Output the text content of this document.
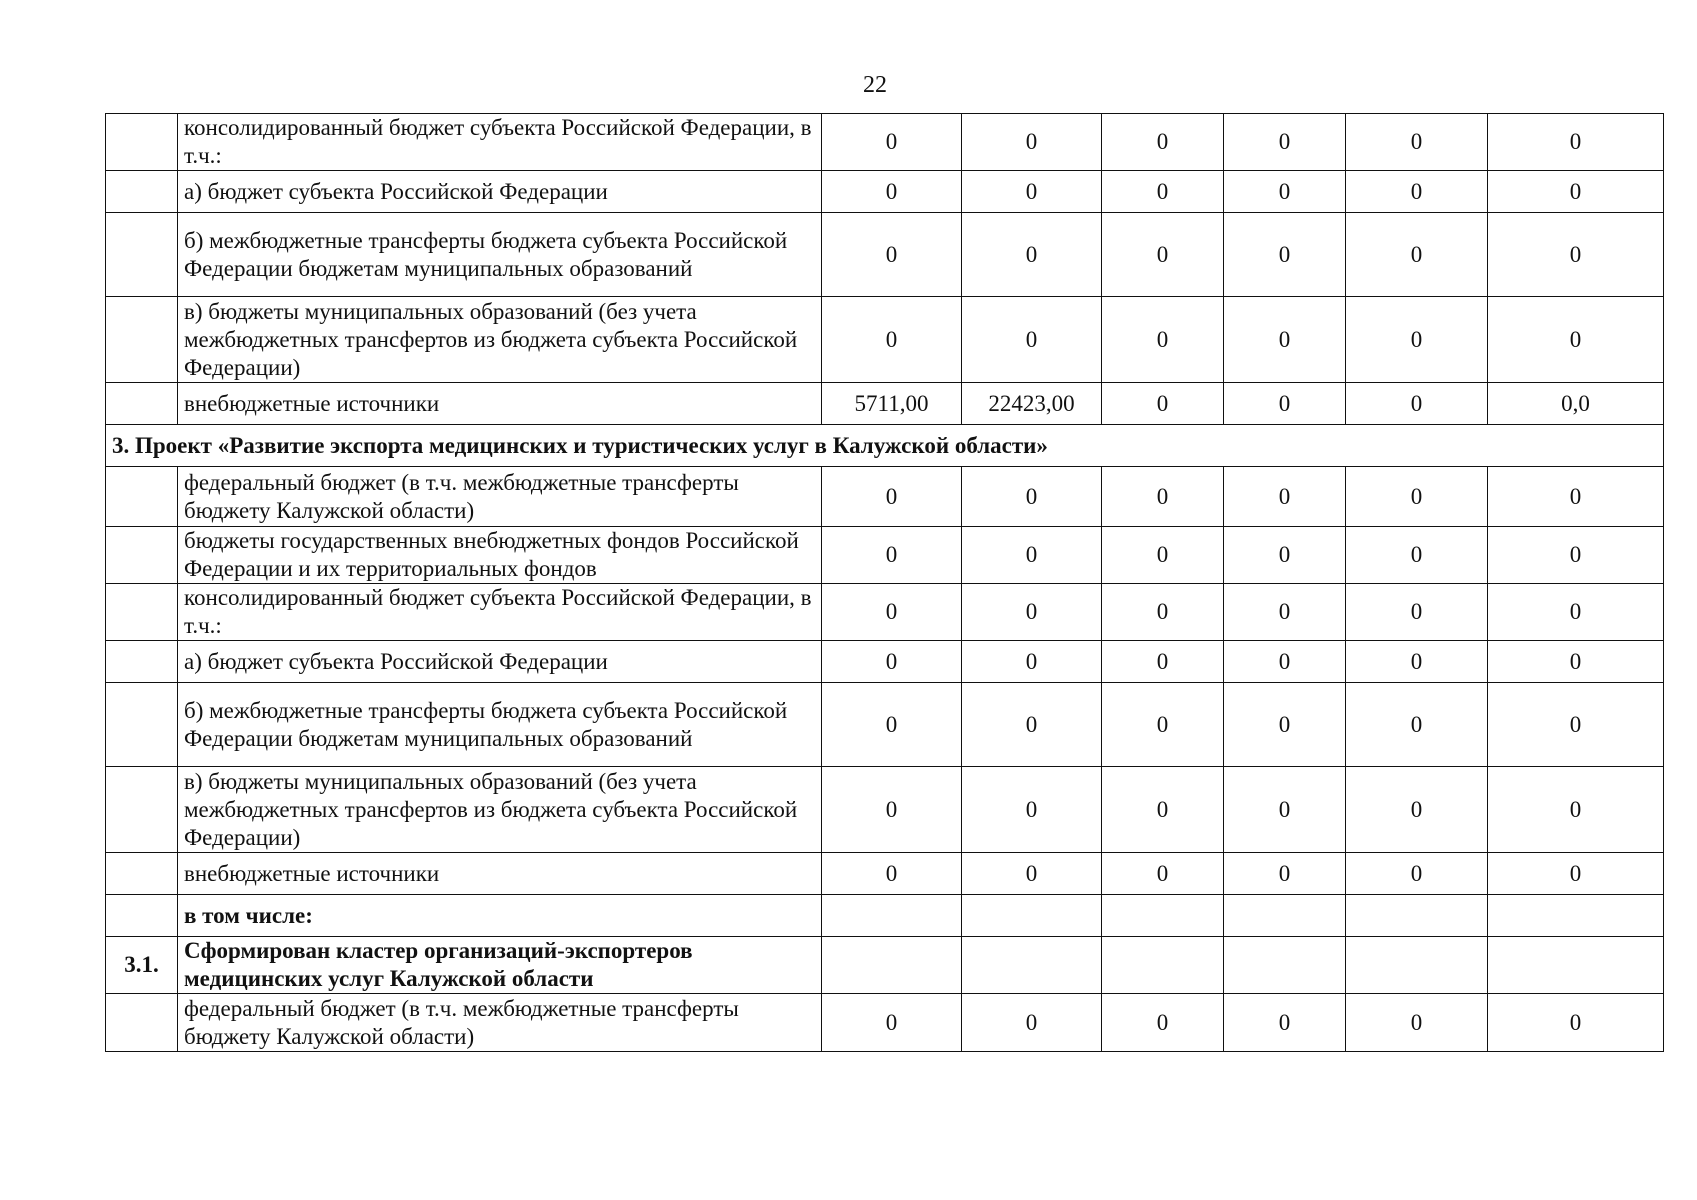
22
	консолидированный бюджет субъекта Российской Федерации, в т.ч.:	0	0	0	0	0	0
	а) бюджет субъекта Российской Федерации	0	0	0	0	0	0
	б) межбюджетные трансферты бюджета субъекта Российской Федерации бюджетам муниципальных образований	0	0	0	0	0	0
	в) бюджеты муниципальных образований (без учета межбюджетных трансфертов из бюджета субъекта Российской Федерации)	0	0	0	0	0	0
	внебюджетные источники	5711,00	22423,00	0	0	0	0,0
3. Проект «Развитие экспорта медицинских и туристических услуг в Калужской области»							
	федеральный бюджет (в т.ч. межбюджетные трансферты бюджету Калужской области)	0	0	0	0	0	0
	бюджеты государственных внебюджетных фондов Российской Федерации и их территориальных фондов	0	0	0	0	0	0
	консолидированный бюджет субъекта Российской Федерации, в т.ч.:	0	0	0	0	0	0
	а) бюджет субъекта Российской Федерации	0	0	0	0	0	0
	б) межбюджетные трансферты бюджета субъекта Российской Федерации бюджетам муниципальных образований	0	0	0	0	0	0
	в) бюджеты муниципальных образований (без учета межбюджетных трансфертов из бюджета субъекта Российской Федерации)	0	0	0	0	0	0
	внебюджетные источники	0	0	0	0	0	0
	в том числе:						
3.1.	Сформирован кластер организаций-экспортеров медицинских услуг Калужской области						
	федеральный бюджет (в т.ч. межбюджетные трансферты бюджету Калужской области)	0	0	0	0	0	0
